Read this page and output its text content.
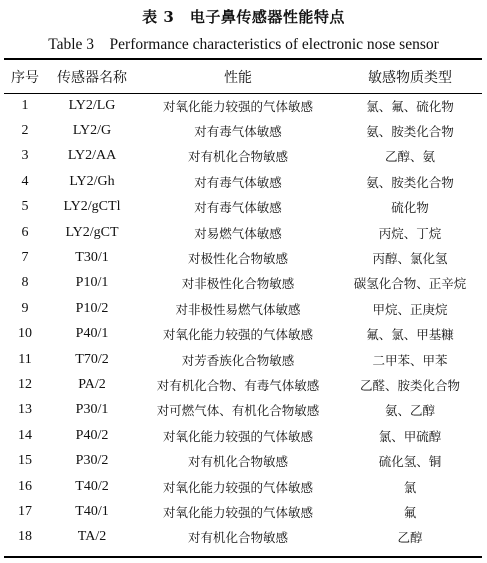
表 3　电子鼻传感器性能特点
Table 3　Performance characteristics of electronic nose sensor
序号	传感器名称	性能	敏感物质类型
1	LY2/LG	对氧化能力较强的气体敏感	氯、氟、硫化物
2	LY2/G	对有毒气体敏感	氨、胺类化合物
3	LY2/AA	对有机化合物敏感	乙醇、氨
4	LY2/Gh	对有毒气体敏感	氨、胺类化合物
5	LY2/gCTl	对有毒气体敏感	硫化物
6	LY2/gCT	对易燃气体敏感	丙烷、丁烷
7	T30/1	对极性化合物敏感	丙醇、氯化氢
8	P10/1	对非极性化合物敏感	碳氢化合物、正辛烷
9	P10/2	对非极性易燃气体敏感	甲烷、正庚烷
10	P40/1	对氧化能力较强的气体敏感	氟、氯、甲基糠
11	T70/2	对芳香族化合物敏感	二甲苯、甲苯
12	PA/2	对有机化合物、有毒气体敏感	乙醛、胺类化合物
13	P30/1	对可燃气体、有机化合物敏感	氨、乙醇
14	P40/2	对氧化能力较强的气体敏感	氯、甲硫醇
15	P30/2	对有机化合物敏感	硫化氢、铜
16	T40/2	对氧化能力较强的气体敏感	氯
17	T40/1	对氧化能力较强的气体敏感	氟
18	TA/2	对有机化合物敏感	乙醇
